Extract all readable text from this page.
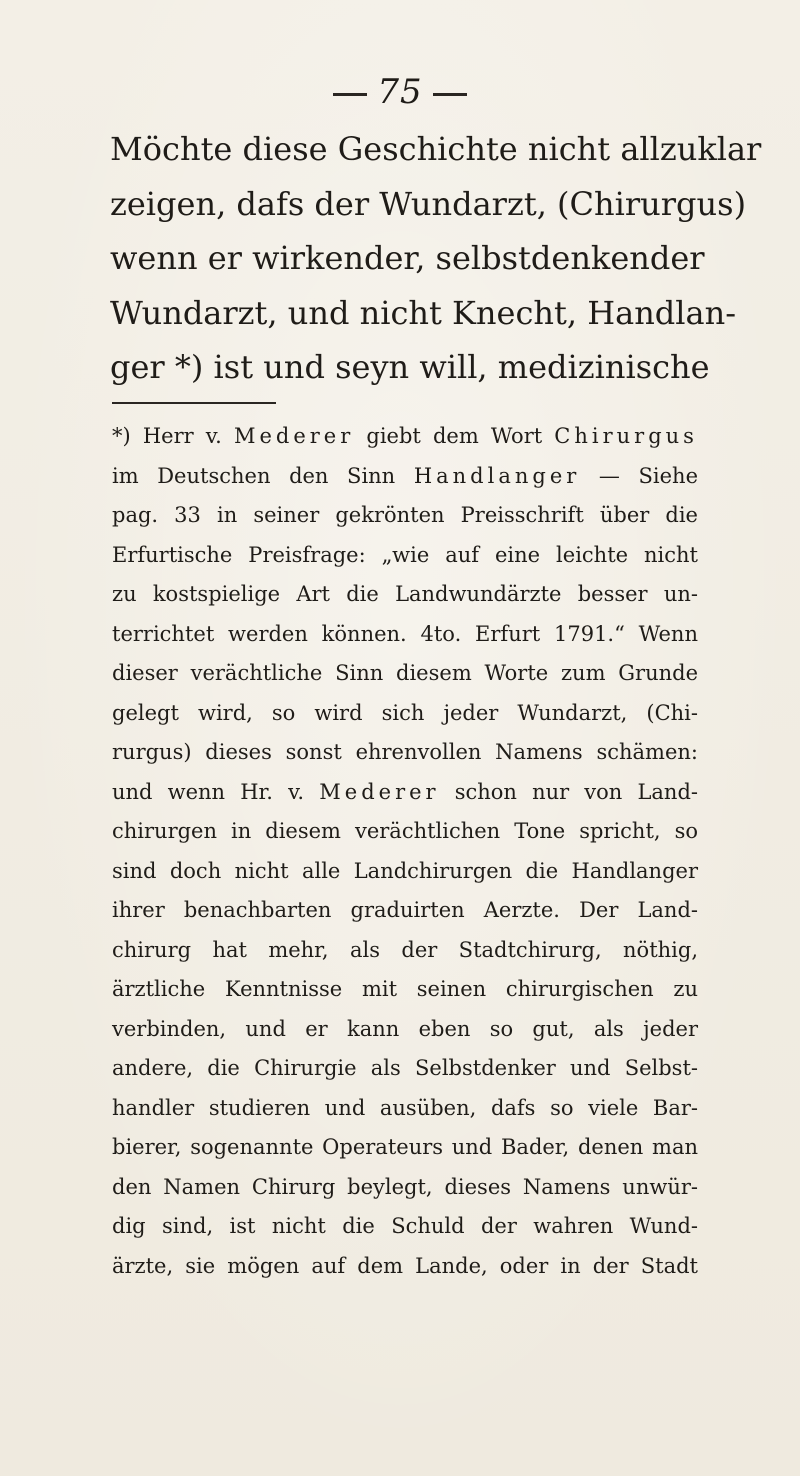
75
Möchte diese Geschichte nicht allzuklar
zeigen, dafs der Wundarzt, (Chirurgus)
wenn er wirkender, selbstdenkender
Wundarzt, und nicht Knecht, Handlan-
ger *) ist und seyn will, medizinische
*) Herr v. Mederer giebt dem Wort Chirurgus
im Deutschen den Sinn Handlanger — Siehe
pag. 33 in seiner gekrönten Preisschrift über die
Erfurtische Preisfrage: „wie auf eine leichte nicht
zu kostspielige Art die Landwundärzte besser un-
terrichtet werden können. 4to. Erfurt 1791.“ Wenn
dieser verächtliche Sinn diesem Worte zum Grunde
gelegt wird, so wird sich jeder Wundarzt, (Chi-
rurgus) dieses sonst ehrenvollen Namens schämen:
und wenn Hr. v. Mederer schon nur von Land-
chirurgen in diesem verächtlichen Tone spricht, so
sind doch nicht alle Landchirurgen die Handlanger
ihrer benachbarten graduirten Aerzte. Der Land-
chirurg hat mehr, als der Stadtchirurg, nöthig,
ärztliche Kenntnisse mit seinen chirurgischen zu
verbinden, und er kann eben so gut, als jeder
andere, die Chirurgie als Selbstdenker und Selbst-
handler studieren und ausüben, dafs so viele Bar-
bierer, sogenannte Operateurs und Bader, denen man
den Namen Chirurg beylegt, dieses Namens unwür-
dig sind, ist nicht die Schuld der wahren Wund-
ärzte, sie mögen auf dem Lande, oder in der Stadt
